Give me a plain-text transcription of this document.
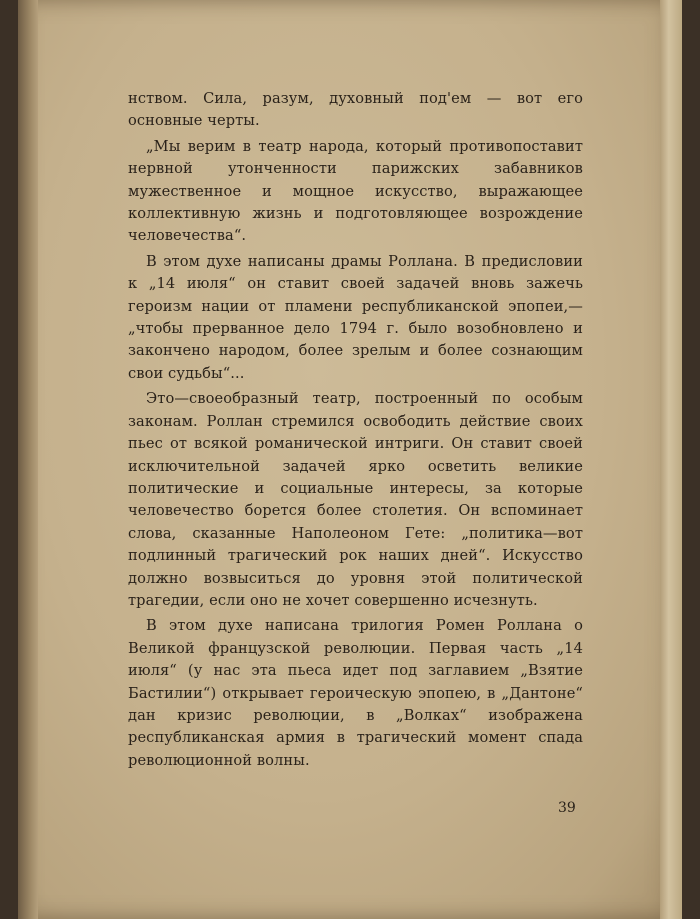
нством. Сила, разум, духовный под'ем — вот его основные черты.

„Мы верим в театр народа, который противопоставит нервной утонченности парижских забавников мужественное и мощное искусство, выражающее коллективную жизнь и подготовляющее возрождение человечества“.

В этом духе написаны драмы Роллана. В предисловии к „14 июля“ он ставит своей задачей вновь зажечь героизм нации от пламени республиканской эпопеи,—„чтобы прерванное дело 1794 г. было возобновлено и закончено народом, более зрелым и более сознающим свои судьбы“...

Это—своеобразный театр, построенный по особым законам. Роллан стремился освободить действие своих пьес от всякой романической интриги. Он ставит своей исключительной задачей ярко осветить великие политические и социальные интересы, за которые человечество борется более столетия. Он вспоминает слова, сказанные Наполеоном Гете: „политика—вот подлинный трагический рок наших дней“. Искусство должно возвыситься до уровня этой политической трагедии, если оно не хочет совершенно исчезнуть.

В этом духе написана трилогия Ромен Роллана о Великой французской революции. Первая часть „14 июля“ (у нас эта пьеса идет под заглавием „Взятие Бастилии“) открывает героическую эпопею, в „Дантоне“ дан кризис революции, в „Волках“ изображена республиканская армия в трагический момент спада революционной волны.

39
